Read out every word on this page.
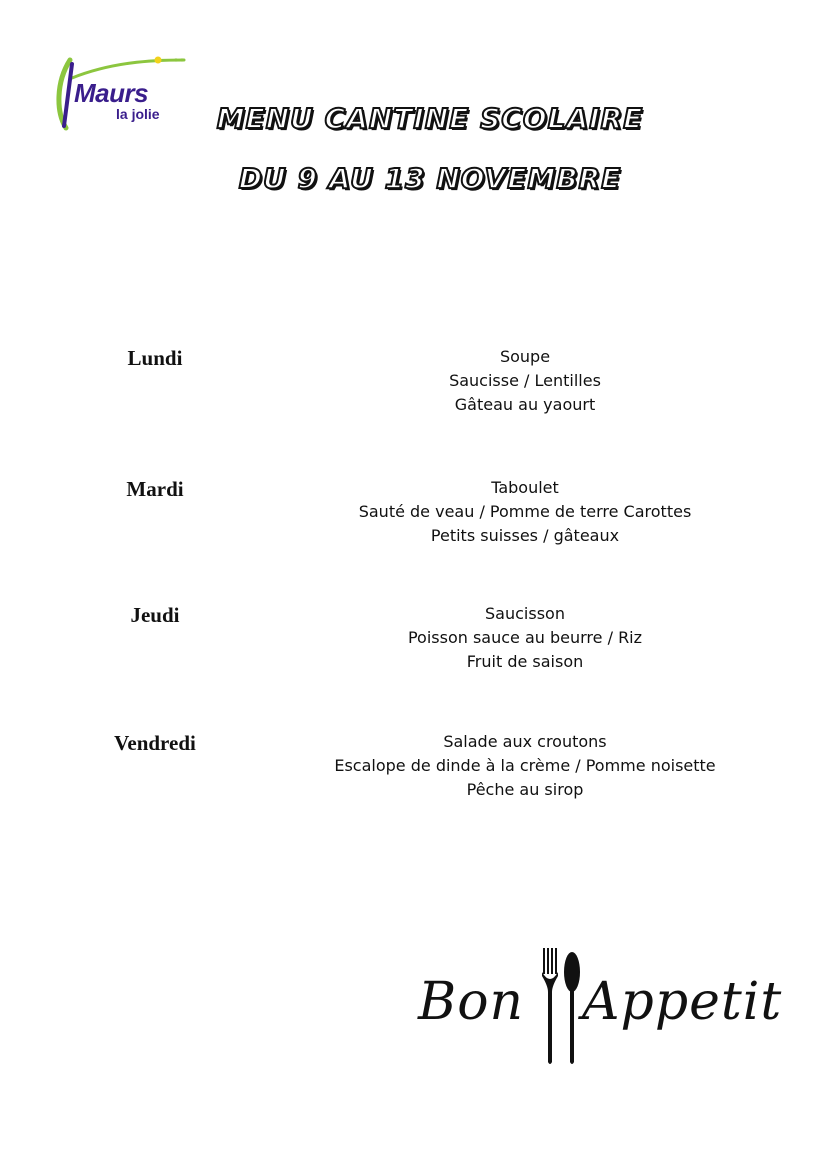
Maurs
la jolie	MENU CANTINE SCOLAIRE
DU 9 AU 13 NOVEMBRE
Lundi	Soupe
Saucisse / Lentilles
Gâteau au yaourt
Mardi	Taboulet
Sauté de veau / Pomme de terre Carottes
Petits suisses / gâteaux
Jeudi	Saucisson
Poisson sauce au beurre / Riz
Fruit de saison
Vendredi	Salade aux croutons
Escalope de dinde à la crème / Pomme noisette
Pêche au sirop
Bon Appetit
